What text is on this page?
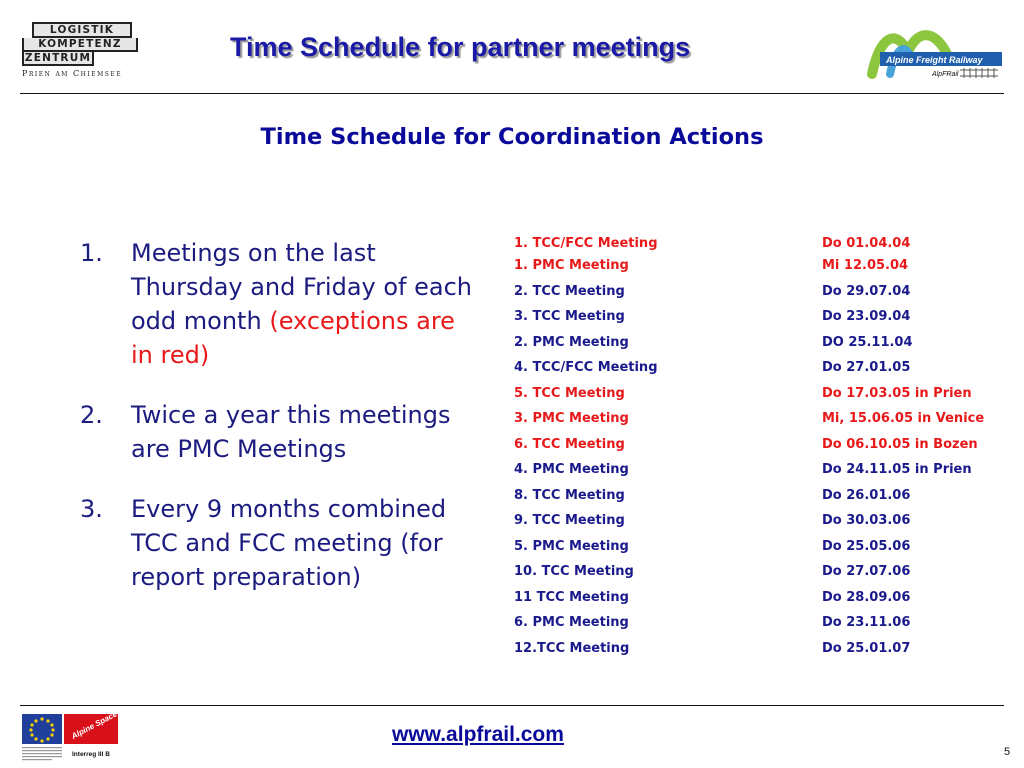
LOGISTIK
KOMPETENZ
ZENTRUM
Prien am Chiemsee
Time Schedule for partner meetings	Alpine Freight Railway
AlpFRail
Time Schedule for Coordination Actions
1.	Meetings on the last Thursday and Friday of each odd month (exceptions are in red)
2.	Twice a year this meetings are PMC Meetings
3.	Every 9 months combined TCC and FCC meeting (for report preparation)
1. TCC/FCC Meeting	Do 01.04.04
1. PMC Meeting	Mi 12.05.04
2. TCC Meeting	Do 29.07.04
3. TCC Meeting	Do 23.09.04
2. PMC Meeting	DO 25.11.04
4. TCC/FCC Meeting	Do 27.01.05
5. TCC Meeting	Do 17.03.05 in Prien
3. PMC Meeting	Mi, 15.06.05 in Venice
6. TCC Meeting	Do 06.10.05 in Bozen
4. PMC Meeting	Do 24.11.05 in Prien
8. TCC Meeting	Do 26.01.06
9. TCC Meeting	Do 30.03.06
5. PMC Meeting	Do 25.05.06
10. TCC Meeting	Do 27.07.06
11 TCC Meeting	Do 28.09.06
6. PMC Meeting	Do 23.11.06
12.TCC Meeting	Do 25.01.07
Alpine Space
Interreg III B
www.alpfrail.com
5
